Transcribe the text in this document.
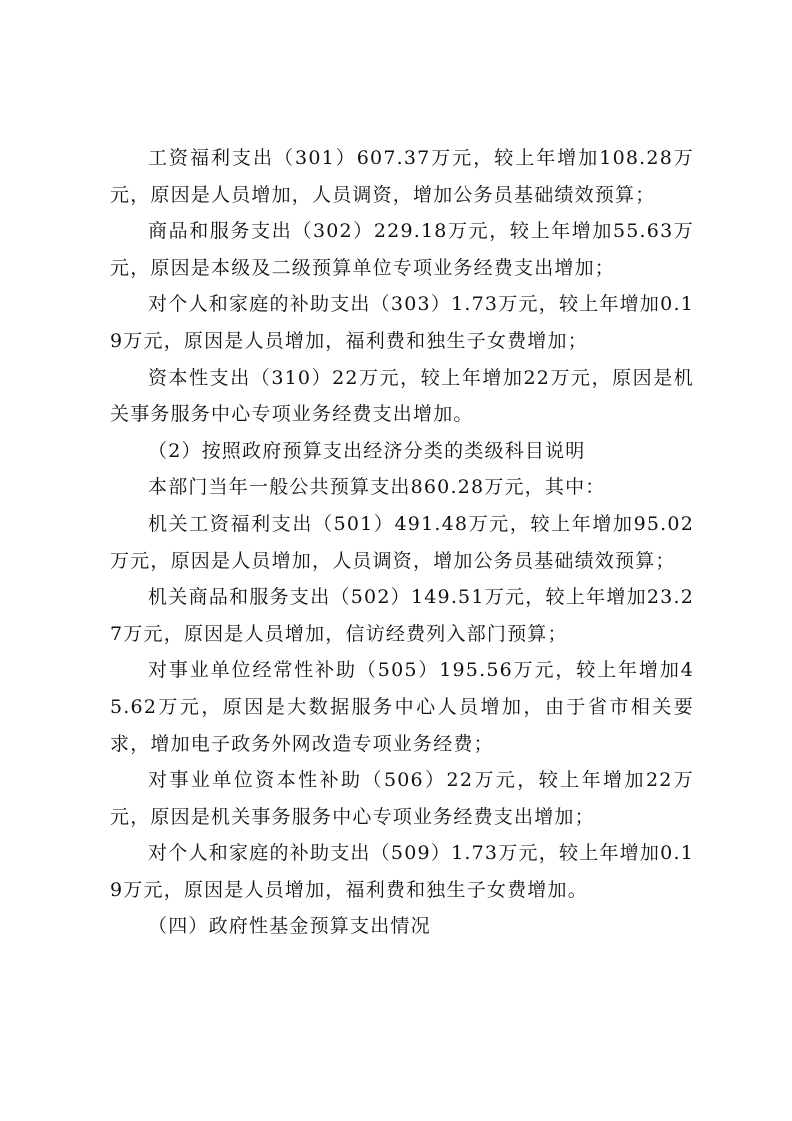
工资福利支出（301）607.37万元，较上年增加108.28万元，原因是人员增加，人员调资，增加公务员基础绩效预算；

商品和服务支出（302）229.18万元，较上年增加55.63万元，原因是本级及二级预算单位专项业务经费支出增加；

对个人和家庭的补助支出（303）1.73万元，较上年增加0.19万元，原因是人员增加，福利费和独生子女费增加；

资本性支出（310）22万元，较上年增加22万元，原因是机关事务服务中心专项业务经费支出增加。

（2）按照政府预算支出经济分类的类级科目说明

本部门当年一般公共预算支出860.28万元，其中：

机关工资福利支出（501）491.48万元，较上年增加95.02万元，原因是人员增加，人员调资，增加公务员基础绩效预算；

机关商品和服务支出（502）149.51万元，较上年增加23.27万元，原因是人员增加，信访经费列入部门预算；

对事业单位经常性补助（505）195.56万元，较上年增加45.62万元，原因是大数据服务中心人员增加，由于省市相关要求，增加电子政务外网改造专项业务经费；

对事业单位资本性补助（506）22万元，较上年增加22万元，原因是机关事务服务中心专项业务经费支出增加；

对个人和家庭的补助支出（509）1.73万元，较上年增加0.19万元，原因是人员增加，福利费和独生子女费增加。

（四）政府性基金预算支出情况
